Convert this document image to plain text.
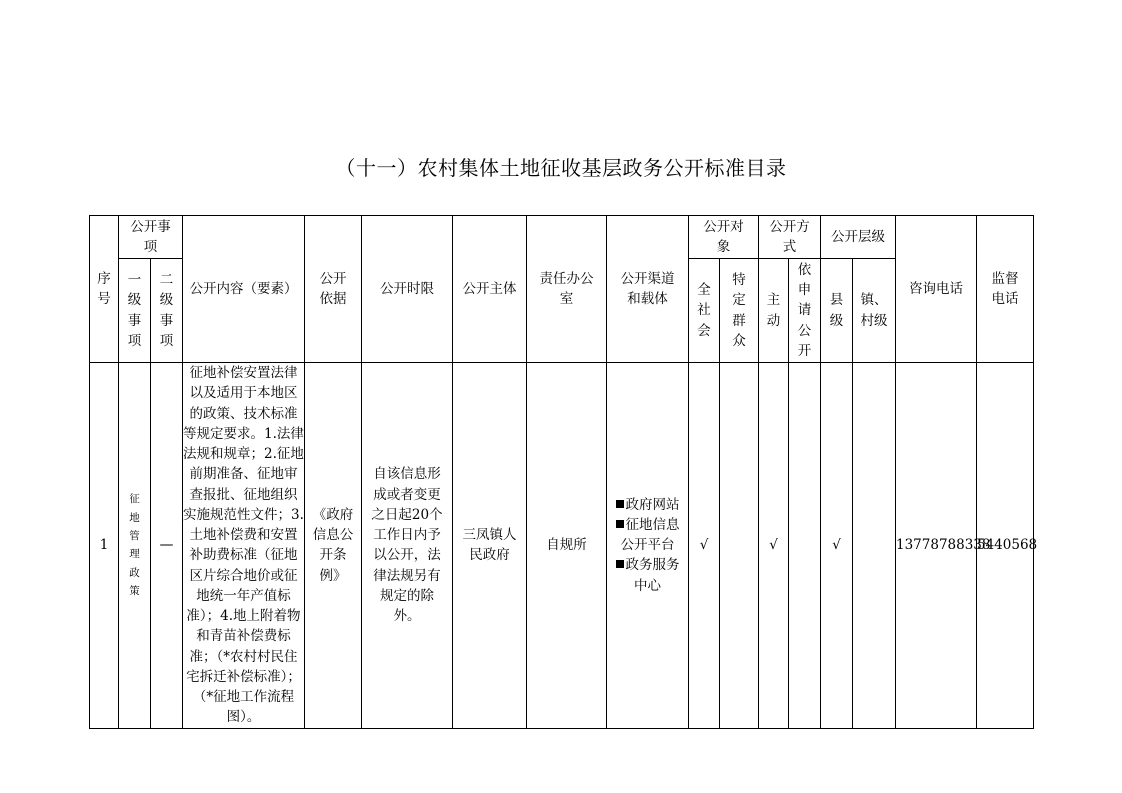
（十一）农村集体土地征收基层政务公开标准目录
序号	公开事项		公开内容（要素）	公开依据	公开时限	公开主体	责任办公室	公开渠道和载体	公开对象		公开方式		公开层级		咨询电话	监督电话
	一级事项	二级事项							全社会	特定群众	主动	依申请公开	县级	镇、村级		
1	征地管理政策	—	征地补偿安置法律以及适用于本地区的政策、技术标准等规定要求。1.法律法规和规章；2.征地前期准备、征地审查报批、征地组织实施规范性文件；3.土地补偿费和安置补助费标准（征地区片综合地价或征地统一年产值标准）；4.地上附着物和青苗补偿费标准；（*农村村民住宅拆迁补偿标准）；（*征地工作流程图）。	《政府信息公开条例》	自该信息形成或者变更之日起20个工作日内予以公开，法律法规另有规定的除外。	三凤镇人民政府	自规所	政府网站
征地信息公开平台
政务服务中心	√		√		√		13778788338	5440568
